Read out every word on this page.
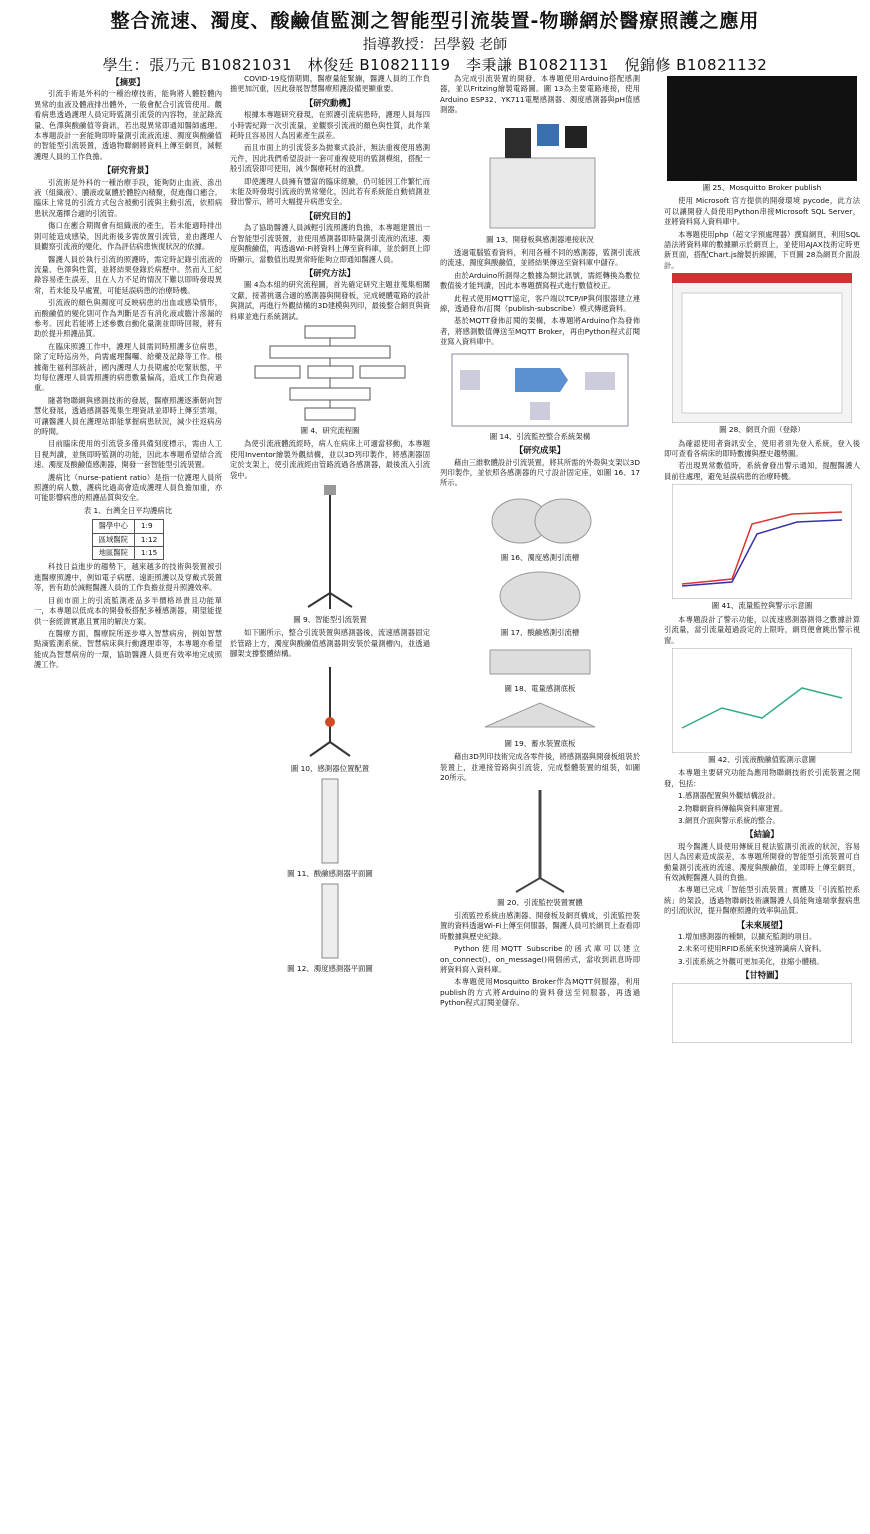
整合流速、濁度、酸鹼值監測之智能型引流裝置-物聯網於醫療照護之應用
指導教授：呂學毅 老師
學生：張乃元 B10821031　林俊廷 B10821119　李秉謙 B10821131　倪錦修 B10821132
【摘要】

引流手術是外科的一種治療技術，能夠將人體腔體內異常的血液及體液排出體外，一般會配合引流管使用。觀看病患透過護理人員定時監測引流袋的內容物，並記錄流量、色澤與酸鹼值等資訊，若出現異常即通知醫師處理。本專題設計一套能夠即時量測引流液流速、濁度與酸鹼值的智能型引流裝置，透過物聯網將資料上傳至網頁，減輕護理人員的工作負擔。

【研究背景】

引流術是外科的一種治療手段，能夠防止血液、滲出液（組織液）、膿液或氣體於體腔內積聚，促進傷口癒合。臨床上常見的引流方式包含被動引流與主動引流，依照病患狀況選擇合適的引流管。

傷口在癒合期間會有組織液的產生，若未能適時排出則可能造成感染，因此術後多需放置引流管，並由護理人員觀察引流液的變化，作為評估病患恢復狀況的依據。

醫護人員於執行引流的照護時，需定時記錄引流液的流量、色澤與性質，並將結果登錄於病歷中。然而人工紀錄容易產生誤差，且在人力不足的情況下難以即時發現異常，若未能及早處置，可能延誤病患的治療時機。

引流液的顏色與濁度可反映病患的出血或感染情形，而酸鹼值的變化則可作為判斷是否有消化液或膽汁滲漏的參考。因此若能將上述參數自動化量測並即時回報，將有助於提升照護品質。

在臨床照護工作中，護理人員需同時照護多位病患，除了定時巡房外，尚需處理醫囑、給藥及記錄等工作。根據衛生福利部統計，國內護理人力長期處於吃緊狀態，平均每位護理人員需照護的病患數量偏高，造成工作負荷過重。

隨著物聯網與感測技術的發展，醫療照護逐漸朝向智慧化發展，透過感測器蒐集生理資訊並即時上傳至雲端，可讓醫護人員在護理站即能掌握病患狀況，減少往返病房的時間。

目前臨床使用的引流袋多僅具備刻度標示，需由人工目視判讀，並無即時監測的功能，因此本專題希望結合流速、濁度及酸鹼值感測器，開發一套智能型引流裝置。

護病比（nurse-patient ratio）是指一位護理人員所照護的病人數，護病比過高會造成護理人員負擔加重，亦可能影響病患的照護品質與安全。

表 1、台灣全日平均護病比
醫學中心	1:9
區域醫院	1:12
地區醫院	1:15

科技日益進步的趨勢下，越來越多的技術與裝置被引進醫療照護中，例如電子病歷、遠距照護以及穿戴式裝置等，皆有助於減輕醫護人員的工作負擔並提升照護效率。

目前市面上的引流監測產品多半價格昂貴且功能單一，本專題以低成本的開發板搭配多種感測器，期望能提供一套經濟實惠且實用的解決方案。

在醫療方面，醫療院所逐步導入智慧病房，例如智慧點滴監測系統、智慧病床與行動護理車等，本專題亦希望能成為智慧病房的一環，協助醫護人員更有效率地完成照護工作。

COVID-19疫情期間，醫療量能緊繃，醫護人員的工作負擔更加沉重，因此發展智慧醫療照護設備更顯重要。

【研究動機】

根據本專題研究發現，在照護引流病患時，護理人員每四小時需紀錄一次引流量，並觀察引流液的顏色與性質，此作業耗時且容易因人為因素產生誤差。

而且市面上的引流袋多為拋棄式設計，無法重複使用感測元件，因此我們希望設計一套可重複使用的監測模組，搭配一般引流袋即可使用，減少醫療耗材的浪費。

即使護理人員擁有豐富的臨床經驗，仍可能因工作繁忙而未能及時發現引流液的異常變化，因此若有系統能自動偵測並發出警示，將可大幅提升病患安全。

【研究目的】

為了協助醫護人員減輕引流照護的負擔，本專題建置出一台智能型引流裝置，並使用感測器即時量測引流液的流速、濁度與酸鹼值，再透過Wi-Fi將資料上傳至資料庫，並於網頁上即時顯示，當數值出現異常時能夠立即通知醫護人員。

【研究方法】

圖 4為本組的研究流程圖，首先確定研究主題並蒐集相關文獻，接著挑選合適的感測器與開發板，完成硬體電路的設計與測試，再進行外觀結構的3D建模與列印，最後整合網頁與資料庫並進行系統測試。

圖 4、研究流程圖

為使引流液體流經時，病人在病床上可適當移動，本專題使用Inventor繪製外觀結構，並以3D列印製作，將感測器固定於支架上，使引流液經由管路流過各感測器，最後流入引流袋中。

圖 9、智能型引流裝置

如下圖所示，整合引流裝置與感測器後，流速感測器固定於管路上方，濁度與酸鹼值感測器則安裝於量測槽內，並透過腳架支撐整體結構。

圖 10、感測器位置配置
圖 11、酸鹼感測器平面圖
圖 12、濁度感測器平面圖

為完成引流裝置的開發，本專題使用Arduino搭配感測器，並以Fritzing繪製電路圖。圖 13為主要電路連接，使用Arduino ESP32、YK711電壓感測器、濁度感測器與pH值感測器。

圖 13、開發板與感測器連接狀況

透過電腦監看資料，利用各種不同的感測器，監測引流液的流速、濁度與酸鹼值，並將結果傳送至資料庫中儲存。

由於Arduino所測得之數據為類比訊號，需經轉換為數位數值後才能判讀，因此本專題撰寫程式進行數值校正。

此程式使用MQTT協定，客戶端以TCP/IP與伺服器建立連線，透過發布/訂閱（publish-subscribe）模式傳遞資料。

基於MQTT發佈訂閱的架構，本專題將Arduino作為發佈者，將感測數值傳送至MQTT Broker，再由Python程式訂閱並寫入資料庫中。

圖 14、引流監控整合系統架構
【研究成果】

藉由三維軟體設計引流裝置，將其所需的外殼與支架以3D列印製作，並依照各感測器的尺寸設計固定座，如圖 16、17所示。

圖 16、濁度感測引流槽
圖 17、酸鹼感測引流槽
圖 18、電量感測底板
圖 19、蓄水裝置底板

藉由3D列印技術完成各零件後，將感測器與開發板組裝於裝置上，並連接管路與引流袋，完成整體裝置的組裝，如圖 20所示。

圖 20、引流監控裝置實體

引流監控系統由感測器、開發板及網頁構成，引流監控裝置的資料透過Wi-Fi上傳至伺服器，醫護人員可於網頁上查看即時數據與歷史紀錄。

Python使用MQTT Subscribe的函式庫可以建立on_connect()、on_message()兩個函式，當收到訊息時即將資料寫入資料庫。

本專題使用Mosquitto Broker作為MQTT伺服器，利用publish的方式將Arduino的資料發送至伺服器，再透過Python程式訂閱並儲存。

圖 25、Mosquitto Broker publish

使用 Microsoft 官方提供的開發環境 pycode，此方法可以讓開發人員使用Python串接Microsoft SQL Server，並將資料寫入資料庫中。

本專題使用php（超文字預處理器）撰寫網頁，利用SQL語法將資料庫的數據顯示於網頁上，並使用AJAX技術定時更新頁面，搭配Chart.js繪製折線圖，下頁圖 28為網頁介面設計。

圖 28、網頁介面（登錄）

為確認使用者資訊安全，使用者須先登入系統，登入後即可查看各病床的即時數據與歷史趨勢圖。

若出現異常數值時，系統會發出警示通知，提醒醫護人員前往處理，避免延誤病患的治療時機。

圖 41、流量監控與警示示意圖

本專題設計了警示功能，以流速感測器測得之數據計算引流量，當引流量超過設定的上限時，網頁便會跳出警示視窗。

圖 42、引流液酸鹼值監測示意圖

本專題主要研究功能為應用物聯網技術於引流裝置之開發，包括：

1.感測器配置與外觀結構設計。

2.物聯網資料傳輸與資料庫建置。

3.網頁介面與警示系統的整合。

【結論】

現今醫護人員使用傳統目視法監測引流液的狀況，容易因人為因素造成誤差，本專題所開發的智能型引流裝置可自動量測引流液的流速、濁度與酸鹼值，並即時上傳至網頁，有效減輕醫護人員的負擔。

本專題已完成「智能型引流裝置」實體及「引流監控系統」的架設，透過物聯網技術讓醫護人員能夠遠端掌握病患的引流狀況，提升醫療照護的效率與品質。

【未來展望】

1.增加感測器的種類，以擴充監測的項目。

2.未來可使用RFID系統來快速辨識病人資料。

3.引流系統之外觀可更加美化，並縮小體積。

【甘特圖】
